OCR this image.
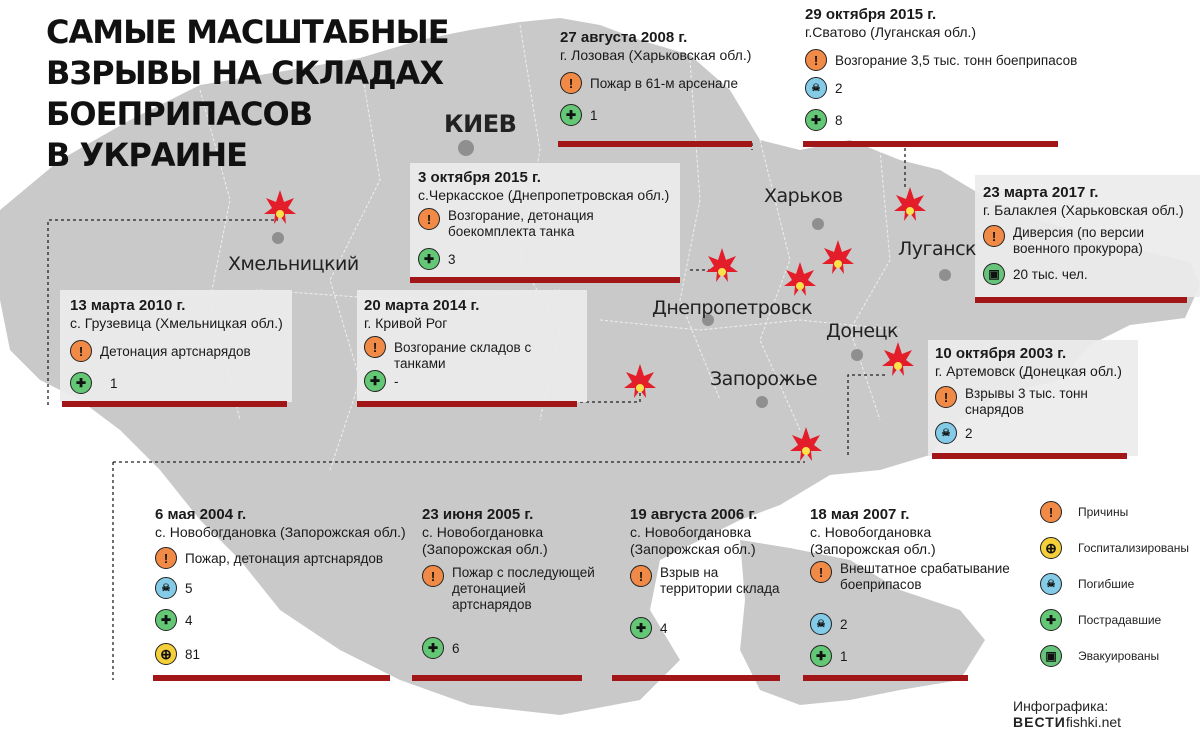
САМЫЕ МАСШТАБНЫЕ
ВЗРЫВЫ НА СКЛАДАХ
БОЕПРИПАСОВ
В УКРАИНЕ
КИЕВ
Хмельницкий
Харьков
Луганск
Днепропетровск
Донецк
Запорожье
27 августа 2008 г.
г. Лозовая (Харьковская обл.)
!	Пожар в 61-м арсенале
✚	1
29 октября 2015 г.
г.Сватово (Луганская обл.)
!	Возгорание 3,5 тыс. тонн боеприпасов
☠	2
✚	8
3 октября 2015 г.
с.Черкасское (Днепропетровская обл.)
!	Возгорание, детонация боекомплекта танка
✚	3
23 марта 2017 г.
г. Балаклея (Харьковская обл.)
!	Диверсия (по версии военного прокурора)
▣ 20 тыс. чел.
13 марта 2010 г.
с. Грузевица (Хмельницкая обл.)
!	Детонация артснарядов
✚	1
20 марта 2014 г.
г. Кривой Рог
!	Возгорание складов с танками
✚	-
10 октября 2003 г.
г. Артемовск (Донецкая обл.)
!	Взрывы 3 тыс. тонн снарядов
☠	2
6 мая 2004 г.
с. Новобогдановка (Запорожская обл.)
!	Пожар, детонация артснарядов
☠	5
✚	4
⊕ 81
23 июня 2005 г.
с. Новобогдановка (Запорожская обл.)
!	Пожар с последующей детонацией артснарядов
✚	6
19 августа 2006 г.
с. Новобогдановка (Запорожская обл.)
!	Взрыв на территории склада
✚	4
18 мая 2007 г.
с. Новобогдановка (Запорожская обл.)
!	Внештатное срабатывание боеприпасов
☠	2
✚	1
!	Причины
⊕	Госпитализированы
☠	Погибшие
✚	Пострадавшие
▣	Эвакуированы
Инфографика: ВЕСТИfishki.net
